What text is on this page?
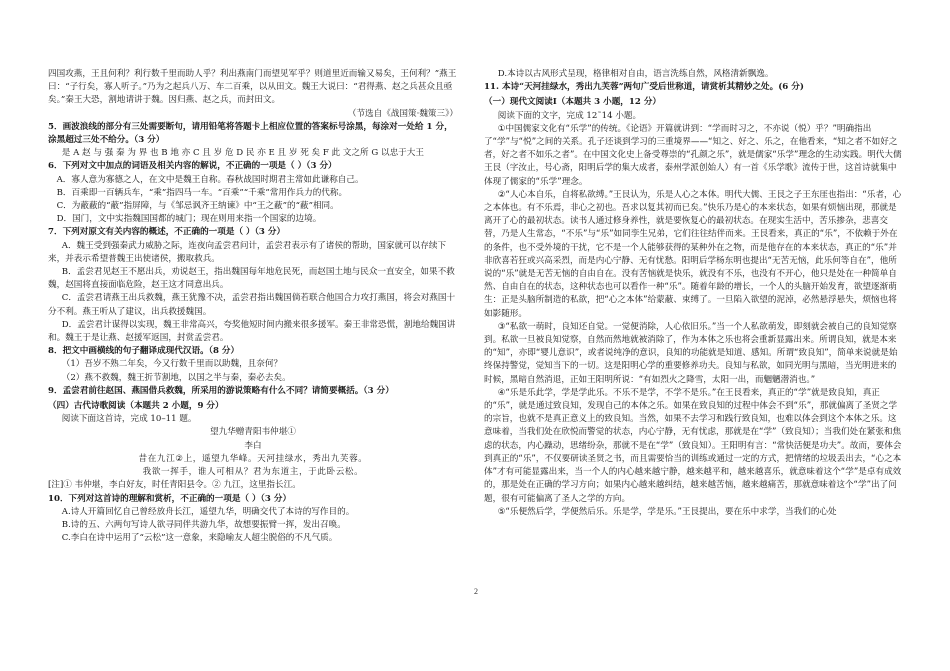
四国攻燕，王且何利？利行数千里而助人乎？利出燕南门而望见军乎？则道里近而输又易矣，王何利？”燕王曰：“子行矣，寡人听子。”乃为之起兵八万、车二百乘，以从田文。魏王大说曰：“君得燕、赵之兵甚众且亟矣。”秦王大恐，割地请讲于魏。因归燕、赵之兵，而封田文。

（节选自《战国策·魏策三》）

5．画波浪线的部分有三处需要断句，请用铅笔将答题卡上相应位置的答案标号涂黑，每涂对一处给 1 分，涂黑超过三处不给分。（3 分）

是 A 赵 与 强 秦 为 界 也 B 地 亦 C 且 岁 危 D 民 亦 E 且 岁 死 矣 F 此 文之所 G 以忠于大王

6．下列对文中加点的词语及相关内容的解说，不正确的一项是（ ）（3 分）

A．寡人意为寡德之人，在文中是魏王自称。春秋战国时期君主常如此谦称自己。

B．百乘即一百辆兵车，“乘”指四马一车。“百乘”“千乘”常用作兵力的代称。

C．为蔽蔽的“蔽”指屏障，与《邹忌讽齐王纳谏》中“王之蔽”的“蔽”相同。

D．国门，文中实指魏国国都的城门；现在则用来指一个国家的边境。

7．下列对原文有关内容的概述，不正确的一项是（ ）（3 分）

A．魏王受到强秦武力威胁之际，连夜向孟尝君问计，孟尝君表示有了诸侯的帮助，国家就可以存续下来，并表示希望普魏王出使诸侯，搬取救兵。

B．孟尝君见赵王不愿出兵，劝说赵王，指出魏国每年地危民死，而赵国土地与民众一直安全，如果不救魏，赵国将直接面临危险，赵王这才同意出兵。

C．孟尝君请燕王出兵救魏，燕王犹豫不决，孟尝君指出魏国倘若联合他国合力攻打燕国，将会对燕国十分不利。燕王听从了建议，出兵救援魏国。

D．孟尝君计谋得以实现，魏王非常高兴，夸奖他短时间内搬来很多援军。秦王非常恐慌，割地给魏国讲和。魏王于是让燕、赵援军返国，封赏孟尝君。

8．把文中画横线的句子翻译成现代汉语。（8 分）

（1）吾岁不熟二年矣，今又行数千里而以助魏，且奈何？

（2）燕不救魏，魏王折节割地，以国之半与秦，秦必去矣。

9．孟尝君前往赵国、燕国借兵救魏，所采用的游说策略有什么不同？请简要概括。（3 分）

（四）古代诗歌阅读（本题共 2 小题，9 分）

阅读下面这首诗，完成 10–11 题。

望九华赠青阳韦仲堪①

李白

昔在九江②上，遥望九华峰。天河挂绿水，秀出九芙蓉。

我欲一挥手，谁人可相从？君为东道主，于此卧云松。

[注]① 韦仲堪，李白好友，时任青阳县令。② 九江，这里指长江。

10．下列对这首诗的理解和赏析，不正确的一项是（ ）（3 分）

A.诗人开篇回忆自己曾经放舟长江，遥望九华，明确交代了本诗的写作目的。

B.诗的五、六两句写诗人欲寻同伴共游九华，故想要振臂一挥，发出召唤。

C.李白在诗中运用了“云松”这一意象，来隐喻友人超尘脱俗的不凡气质。

D.本诗以古风形式呈现，格律相对自由，语言洗练自然，风格清新飘逸。

11. 本诗“天河挂绿水，秀出九芙蓉”两句广受后世称道，请赏析其精妙之处。(6 分)

（一）现代文阅读Ⅰ（本题共 3 小题，12 分）

阅读下面的文字，完成 12˜14 小题。

①中国儒家文化有“乐学”的传统。《论语》开篇就讲到：“学而时习之，不亦说（悦）乎？”明确指出了“学”与“悦”之间的关系。孔子还谈到学习的三重境界——“知之、好之、乐之，在他看来，“知之者不如好之者，好之者不如乐之者”。在中国文化史上备受尊崇的“孔颜之乐”，就是儒家“乐学”理念的生动实践。明代大儒王艮（字汝止，号心斋，阳明后学的集大成者，泰州学派创始人）有一首《乐学歌》流传于世，这首诗就集中体现了儒家的“乐学”理念。

②“人心本自乐，自将私欲缚。”王艮认为，乐是人心之本体。明代大儒、王艮之子王东厓也指出：“乐者，心之本体也。有不乐焉，非心之初也。吾求以复其初而已矣。”快乐乃是心的本来状态，如果有烦恼出现，那就是离开了心的最初状态。读书人通过修身养性，就是要恢复心的最初状态。在现实生活中，苦乐掺杂，悲喜交替，乃是人生常态，“不乐”与“乐”如同孪生兄弟，它们往往结伴而来。王艮看来，真正的“乐”，不依赖于外在的条件，也不受外境的干扰，它不是一个人能够获得的某种外在之物，而是他存在的本来状态，真正的“乐”并非欣喜若狂或兴高采烈，而是内心宁静、无有忧愁。阳明后学杨东明也提出“无苦无恼，此乐何等自在”，他所说的“乐”就是无苦无恼的自由自在。没有苦恼就是快乐，就没有不乐，也没有不开心，他只是处在一种简单自然、自由自在的状态，这种状态也可以看作一种“乐”。随着年龄的增长，一个人的头脑开始发育，欲望逐渐萌生：正是头脑所制造的私欲，把“心之本体”给蒙蔽、束缚了。一旦陷入欲望的泥淖，必然悬浮悬失，烦恼也将如影随形。

③“私欲一萌时，良知还自觉。一觉便消除，人心依旧乐。”当一个人私欲萌发，即刻就会被自己的良知觉察到。私欲一旦被良知觉察，自然而然地就被消除了，作为本体之乐也将会重新显露出来。所谓良知，就是本来的“知”，亦即“婴儿意识”，或者说纯净的意识，良知的功能就是知道、感知。所谓“致良知”，简单来说就是始终保持警觉，觉知当下的一切。这是阳明心学的重要修养功夫。良知与私欲，如同光明与黑暗，当光明进来的时候，黑暗自然消退，正如王阳明所说：“有如烈火之降雪，太阳一出，而魍魉潜消也。”

④“乐是乐此学，学是学此乐。不乐不是学，不学不是乐。”在王艮看来，真正的“学”就是致良知，真正的“乐”，就是通过致良知，发现自己的本体之乐。如果在致良知的过程中体会不到“乐”，那就偏离了圣贤之学的宗旨，也就不是真正意义上的致良知。当然，如果不去学习和践行致良知，也难以体会到这个本体之乐。这意味着，当我们处在欣悦而警觉的状态，内心宁静，无有忧虑，那就是在“学”（致良知）；当我们处在紧张和焦虑的状态，内心躁动，思绪纷杂，那就不是在“学”（致良知）。王阳明有言：“常快活便是功夫”。故而，要体会到真正的“乐”，不仅要研读圣贤之书，而且需要恰当的训练或通过一定的方式，把情绪的垃圾丢出去，“心之本体”才有可能显露出来，当一个人的内心越来越宁静，越来越平和，越来越喜乐，就意味着这个“学”是卓有成效的，那是处在正确的学习方向；如果内心越来越纠结，越来越苦恼，越来越痛苦，那就意味着这个“学”出了问题，很有可能偏离了圣人之学的方向。

⑤“乐便然后学，学便然后乐。乐是学，学是乐。”王艮提出，要在乐中求学，当我们的心处

2
